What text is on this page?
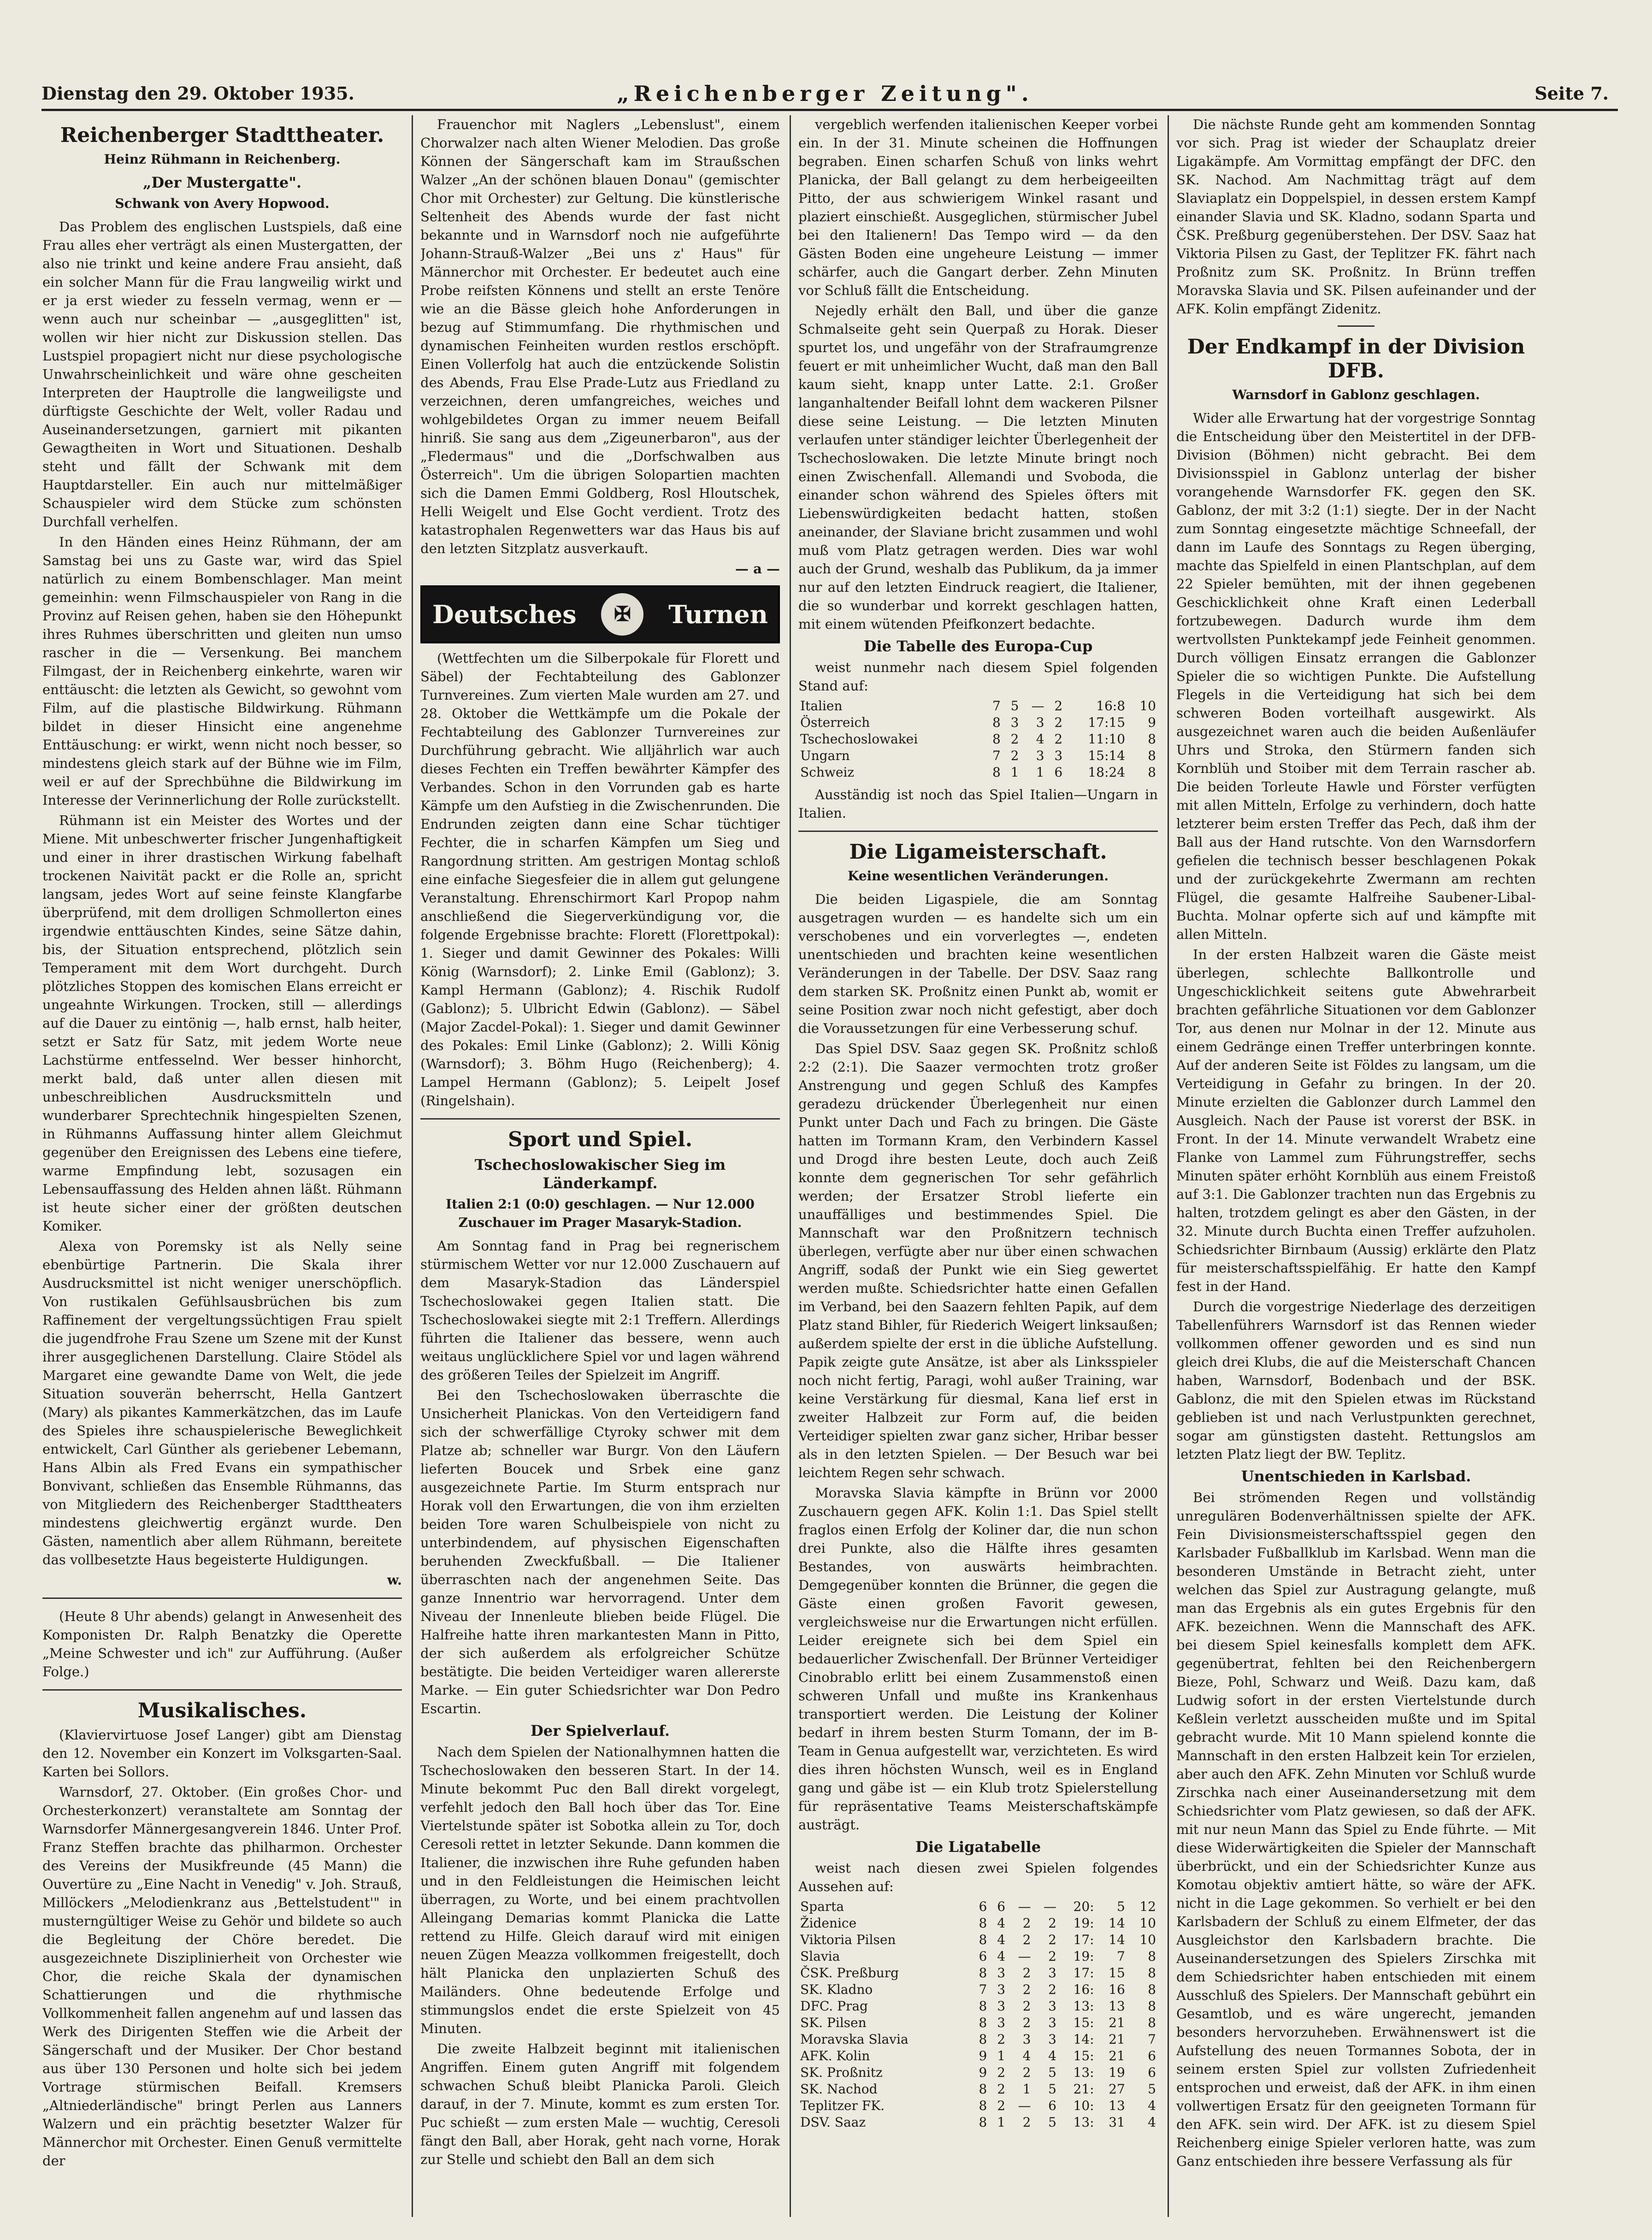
Dienstag den 29. Oktober 1935.	„Reichenberger Zeitung".	Seite 7.
Reichenberger Stadttheater.
Heinz Rühmann in Reichenberg.
„Der Mustergatte".
Schwank von Avery Hopwood.

Das Problem des englischen Lustspiels, daß eine Frau alles eher verträgt als einen Mustergatten, der also nie trinkt und keine andere Frau ansieht, daß ein solcher Mann für die Frau langweilig wirkt und er ja erst wieder zu fesseln vermag, wenn er — wenn auch nur scheinbar — „ausgeglitten" ist, wollen wir hier nicht zur Diskussion stellen. Das Lustspiel propagiert nicht nur diese psychologische Unwahrscheinlichkeit und wäre ohne gescheiten Interpreten der Hauptrolle die langweiligste und dürftigste Geschichte der Welt, voller Radau und Auseinandersetzungen, garniert mit pikanten Gewagtheiten in Wort und Situationen. Deshalb steht und fällt der Schwank mit dem Hauptdarsteller. Ein auch nur mittelmäßiger Schauspieler wird dem Stücke zum schönsten Durchfall verhelfen.

In den Händen eines Heinz Rühmann, der am Samstag bei uns zu Gaste war, wird das Spiel natürlich zu einem Bombenschlager. Man meint gemeinhin: wenn Filmschauspieler von Rang in die Provinz auf Reisen gehen, haben sie den Höhepunkt ihres Ruhmes überschritten und gleiten nun umso rascher in die — Versenkung. Bei manchem Filmgast, der in Reichenberg einkehrte, waren wir enttäuscht: die letzten als Gewicht, so gewohnt vom Film, auf die plastische Bildwirkung. Rühmann bildet in dieser Hinsicht eine angenehme Enttäuschung: er wirkt, wenn nicht noch besser, so mindestens gleich stark auf der Bühne wie im Film, weil er auf der Sprechbühne die Bildwirkung im Interesse der Verinnerlichung der Rolle zurückstellt.

Rühmann ist ein Meister des Wortes und der Miene. Mit unbeschwerter frischer Jungenhaftigkeit und einer in ihrer drastischen Wirkung fabelhaft trockenen Naivität packt er die Rolle an, spricht langsam, jedes Wort auf seine feinste Klangfarbe überprüfend, mit dem drolligen Schmollerton eines irgendwie enttäuschten Kindes, seine Sätze dahin, bis, der Situation entsprechend, plötzlich sein Temperament mit dem Wort durchgeht. Durch plötzliches Stoppen des komischen Elans erreicht er ungeahnte Wirkungen. Trocken, still — allerdings auf die Dauer zu eintönig —, halb ernst, halb heiter, setzt er Satz für Satz, mit jedem Worte neue Lachstürme entfesselnd. Wer besser hinhorcht, merkt bald, daß unter allen diesen mit unbeschreiblichen Ausdrucksmitteln und wunderbarer Sprechtechnik hingespielten Szenen, in Rühmanns Auffassung hinter allem Gleichmut gegenüber den Ereignissen des Lebens eine tiefere, warme Empfindung lebt, sozusagen ein Lebensauffassung des Helden ahnen läßt. Rühmann ist heute sicher einer der größten deutschen Komiker.

Alexa von Poremsky ist als Nelly seine ebenbürtige Partnerin. Die Skala ihrer Ausdrucksmittel ist nicht weniger unerschöpflich. Von rustikalen Gefühlsausbrüchen bis zum Raffinement der vergeltungssüchtigen Frau spielt die jugendfrohe Frau Szene um Szene mit der Kunst ihrer ausgeglichenen Darstellung. Claire Stödel als Margaret eine gewandte Dame von Welt, die jede Situation souverän beherrscht, Hella Gantzert (Mary) als pikantes Kammerkätzchen, das im Laufe des Spieles ihre schauspielerische Beweglichkeit entwickelt, Carl Günther als geriebener Lebemann, Hans Albin als Fred Evans ein sympathischer Bonvivant, schließen das Ensemble Rühmanns, das von Mitgliedern des Reichenberger Stadttheaters mindestens gleichwertig ergänzt wurde. Den Gästen, namentlich aber allem Rühmann, bereitete das vollbesetzte Haus begeisterte Huldigungen.

w.

(Heute 8 Uhr abends) gelangt in Anwesenheit des Komponisten Dr. Ralph Benatzky die Operette „Meine Schwester und ich" zur Aufführung. (Außer Folge.)

Musikalisches.

(Klaviervirtuose Josef Langer) gibt am Dienstag den 12. November ein Konzert im Volksgarten-Saal. Karten bei Sollors.

Warnsdorf, 27. Oktober. (Ein großes Chor- und Orchesterkonzert) veranstaltete am Sonntag der Warnsdorfer Männergesangverein 1846. Unter Prof. Franz Steffen brachte das philharmon. Orchester des Vereins der Musikfreunde (45 Mann) die Ouvertüre zu „Eine Nacht in Venedig" v. Joh. Strauß, Millöckers „Melodienkranz aus ‚Bettelstudent'" in musterngültiger Weise zu Gehör und bildete so auch die Begleitung der Chöre beredet. Die ausgezeichnete Disziplinierheit von Orchester wie Chor, die reiche Skala der dynamischen Schattierungen und die rhythmische Vollkommenheit fallen angenehm auf und lassen das Werk des Dirigenten Steffen wie die Arbeit der Sängerschaft und der Musiker. Der Chor bestand aus über 130 Personen und holte sich bei jedem Vortrage stürmischen Beifall. Kremsers „Altniederländische" bringt Perlen aus Lanners Walzern und ein prächtig besetzter Walzer für Männerchor mit Orchester. Einen Genuß vermittelte der

Frauenchor mit Naglers „Lebenslust", einem Chorwalzer nach alten Wiener Melodien. Das große Können der Sängerschaft kam im Straußschen Walzer „An der schönen blauen Donau" (gemischter Chor mit Orchester) zur Geltung. Die künstlerische Seltenheit des Abends wurde der fast nicht bekannte und in Warnsdorf noch nie aufgeführte Johann-Strauß-Walzer „Bei uns z' Haus" für Männerchor mit Orchester. Er bedeutet auch eine Probe reifsten Könnens und stellt an erste Tenöre wie an die Bässe gleich hohe Anforderungen in bezug auf Stimmumfang. Die rhythmischen und dynamischen Feinheiten wurden restlos erschöpft. Einen Vollerfolg hat auch die entzückende Solistin des Abends, Frau Else Prade-Lutz aus Friedland zu verzeichnen, deren umfangreiches, weiches und wohlgebildetes Organ zu immer neuem Beifall hinriß. Sie sang aus dem „Zigeunerbaron", aus der „Fledermaus" und die „Dorfschwalben aus Österreich". Um die übrigen Solopartien machten sich die Damen Emmi Goldberg, Rosl Hloutschek, Helli Weigelt und Else Gocht verdient. Trotz des katastrophalen Regenwetters war das Haus bis auf den letzten Sitzplatz ausverkauft.

— a —
Deutsches	✠	Turnen

(Wettfechten um die Silberpokale für Florett und Säbel) der Fechtabteilung des Gablonzer Turnvereines. Zum vierten Male wurden am 27. und 28. Oktober die Wettkämpfe um die Pokale der Fechtabteilung des Gablonzer Turnvereines zur Durchführung gebracht. Wie alljährlich war auch dieses Fechten ein Treffen bewährter Kämpfer des Verbandes. Schon in den Vorrunden gab es harte Kämpfe um den Aufstieg in die Zwischenrunden. Die Endrunden zeigten dann eine Schar tüchtiger Fechter, die in scharfen Kämpfen um Sieg und Rangordnung stritten. Am gestrigen Montag schloß eine einfache Siegesfeier die in allem gut gelungene Veranstaltung. Ehrenschirmort Karl Propop nahm anschließend die Siegerverkündigung vor, die folgende Ergebnisse brachte: Florett (Florettpokal): 1. Sieger und damit Gewinner des Pokales: Willi König (Warnsdorf); 2. Linke Emil (Gablonz); 3. Kampl Hermann (Gablonz); 4. Rischik Rudolf (Gablonz); 5. Ulbricht Edwin (Gablonz). — Säbel (Major Zacdel-Pokal): 1. Sieger und damit Gewinner des Pokales: Emil Linke (Gablonz); 2. Willi König (Warnsdorf); 3. Böhm Hugo (Reichenberg); 4. Lampel Hermann (Gablonz); 5. Leipelt Josef (Ringelshain).

Sport und Spiel.
Tschechoslowakischer Sieg im Länderkampf.
Italien 2:1 (0:0) geschlagen. — Nur 12.000 Zuschauer im Prager Masaryk-Stadion.

Am Sonntag fand in Prag bei regnerischem stürmischem Wetter vor nur 12.000 Zuschauern auf dem Masaryk-Stadion das Länderspiel Tschechoslowakei gegen Italien statt. Die Tschechoslowakei siegte mit 2:1 Treffern. Allerdings führten die Italiener das bessere, wenn auch weitaus unglücklichere Spiel vor und lagen während des größeren Teiles der Spielzeit im Angriff.

Bei den Tschechoslowaken überraschte die Unsicherheit Planickas. Von den Verteidigern fand sich der schwerfällige Ctyroky schwer mit dem Platze ab; schneller war Burgr. Von den Läufern lieferten Boucek und Srbek eine ganz ausgezeichnete Partie. Im Sturm entsprach nur Horak voll den Erwartungen, die von ihm erzielten beiden Tore waren Schulbeispiele von nicht zu unterbindendem, auf physischen Eigenschaften beruhenden Zweckfußball. — Die Italiener überraschten nach der angenehmen Seite. Das ganze Innentrio war hervorragend. Unter dem Niveau der Innenleute blieben beide Flügel. Die Halfreihe hatte ihren markantesten Mann in Pitto, der sich außerdem als erfolgreicher Schütze bestätigte. Die beiden Verteidiger waren allererste Marke. — Ein guter Schiedsrichter war Don Pedro Escartin.

Der Spielverlauf.

Nach dem Spielen der Nationalhymnen hatten die Tschechoslowaken den besseren Start. In der 14. Minute bekommt Puc den Ball direkt vorgelegt, verfehlt jedoch den Ball hoch über das Tor. Eine Viertelstunde später ist Sobotka allein zu Tor, doch Ceresoli rettet in letzter Sekunde. Dann kommen die Italiener, die inzwischen ihre Ruhe gefunden haben und in den Feldleistungen die Heimischen leicht überragen, zu Worte, und bei einem prachtvollen Alleingang Demarias kommt Planicka die Latte rettend zu Hilfe. Gleich darauf wird mit einigen neuen Zügen Meazza vollkommen freigestellt, doch hält Planicka den unplazierten Schuß des Mailänders. Ohne bedeutende Erfolge und stimmungslos endet die erste Spielzeit von 45 Minuten.

Die zweite Halbzeit beginnt mit italienischen Angriffen. Einem guten Angriff mit folgendem schwachen Schuß bleibt Planicka Paroli. Gleich darauf, in der 7. Minute, kommt es zum ersten Tor. Puc schießt — zum ersten Male — wuchtig, Ceresoli fängt den Ball, aber Horak, geht nach vorne, Horak zur Stelle und schiebt den Ball an dem sich

vergeblich werfenden italienischen Keeper vorbei ein. In der 31. Minute scheinen die Hoffnungen begraben. Einen scharfen Schuß von links wehrt Planicka, der Ball gelangt zu dem herbeigeeilten Pitto, der aus schwierigem Winkel rasant und plaziert einschießt. Ausgeglichen, stürmischer Jubel bei den Italienern! Das Tempo wird — da den Gästen Boden eine ungeheure Leistung — immer schärfer, auch die Gangart derber. Zehn Minuten vor Schluß fällt die Entscheidung.

Nejedly erhält den Ball, und über die ganze Schmalseite geht sein Querpaß zu Horak. Dieser spurtet los, und ungefähr von der Strafraumgrenze feuert er mit unheimlicher Wucht, daß man den Ball kaum sieht, knapp unter Latte. 2:1. Großer langanhaltender Beifall lohnt dem wackeren Pilsner diese seine Leistung. — Die letzten Minuten verlaufen unter ständiger leichter Überlegenheit der Tschechoslowaken. Die letzte Minute bringt noch einen Zwischenfall. Allemandi und Svoboda, die einander schon während des Spieles öfters mit Liebenswürdigkeiten bedacht hatten, stoßen aneinander, der Slaviane bricht zusammen und wohl muß vom Platz getragen werden. Dies war wohl auch der Grund, weshalb das Publikum, da ja immer nur auf den letzten Eindruck reagiert, die Italiener, die so wunderbar und korrekt geschlagen hatten, mit einem wütenden Pfeifkonzert bedachte.

Die Tabelle des Europa-Cup

weist nunmehr nach diesem Spiel folgenden Stand auf:

Italien	7	5	—	2	16:8	10
Österreich	8	3	3	2	17:15	9
Tschechoslowakei	8	2	4	2	11:10	8
Ungarn	7	2	3	3	15:14	8
Schweiz	8	1	1	6	18:24	8

Ausständig ist noch das Spiel Italien—Ungarn in Italien.

Die Ligameisterschaft.
Keine wesentlichen Veränderungen.

Die beiden Ligaspiele, die am Sonntag ausgetragen wurden — es handelte sich um ein verschobenes und ein vorverlegtes —, endeten unentschieden und brachten keine wesentlichen Veränderungen in der Tabelle. Der DSV. Saaz rang dem starken SK. Proßnitz einen Punkt ab, womit er seine Position zwar noch nicht gefestigt, aber doch die Voraussetzungen für eine Verbesserung schuf.

Das Spiel DSV. Saaz gegen SK. Proßnitz schloß 2:2 (2:1). Die Saazer vermochten trotz großer Anstrengung und gegen Schluß des Kampfes geradezu drückender Überlegenheit nur einen Punkt unter Dach und Fach zu bringen. Die Gäste hatten im Tormann Kram, den Verbindern Kassel und Drogd ihre besten Leute, doch auch Zeiß konnte dem gegnerischen Tor sehr gefährlich werden; der Ersatzer Strobl lieferte ein unauffälliges und bestimmendes Spiel. Die Mannschaft war den Proßnitzern technisch überlegen, verfügte aber nur über einen schwachen Angriff, sodaß der Punkt wie ein Sieg gewertet werden mußte. Schiedsrichter hatte einen Gefallen im Verband, bei den Saazern fehlten Papik, auf dem Platz stand Bihler, für Riederich Weigert linksaußen; außerdem spielte der erst in die übliche Aufstellung. Papik zeigte gute Ansätze, ist aber als Linksspieler noch nicht fertig, Paragi, wohl außer Training, war keine Verstärkung für diesmal, Kana lief erst in zweiter Halbzeit zur Form auf, die beiden Verteidiger spielten zwar ganz sicher, Hribar besser als in den letzten Spielen. — Der Besuch war bei leichtem Regen sehr schwach.

Moravska Slavia kämpfte in Brünn vor 2000 Zuschauern gegen AFK. Kolin 1:1. Das Spiel stellt fraglos einen Erfolg der Koliner dar, die nun schon drei Punkte, also die Hälfte ihres gesamten Bestandes, von auswärts heimbrachten. Demgegenüber konnten die Brünner, die gegen die Gäste einen großen Favorit gewesen, vergleichsweise nur die Erwartungen nicht erfüllen. Leider ereignete sich bei dem Spiel ein bedauerlicher Zwischenfall. Der Brünner Verteidiger Cinobrablo erlitt bei einem Zusammenstoß einen schweren Unfall und mußte ins Krankenhaus transportiert werden. Die Leistung der Koliner bedarf in ihrem besten Sturm Tomann, der im B-Team in Genua aufgestellt war, verzichteten. Es wird dies ihren höchsten Wunsch, weil es in England gang und gäbe ist — ein Klub trotz Spielerstellung für repräsentative Teams Meisterschaftskämpfe austrägt.

Die Ligatabelle

weist nach diesen zwei Spielen folgendes Aussehen auf:

Sparta	6	6	—	—	20:	5	12
Židenice	8	4	2	2	19:	14	10
Viktoria Pilsen	8	4	2	2	17:	14	10
Slavia	6	4	—	2	19:	7	8
ČSK. Preßburg	8	3	2	3	17:	15	8
SK. Kladno	7	3	2	2	16:	16	8
DFC. Prag	8	3	2	3	13:	13	8
SK. Pilsen	8	3	2	3	15:	21	8
Moravska Slavia	8	2	3	3	14:	21	7
AFK. Kolin	9	1	4	4	15:	21	6
SK. Proßnitz	9	2	2	5	13:	19	6
SK. Nachod	8	2	1	5	21:	27	5
Teplitzer FK.	8	2	—	6	10:	13	4
DSV. Saaz	8	1	2	5	13:	31	4

Die nächste Runde geht am kommenden Sonntag vor sich. Prag ist wieder der Schauplatz dreier Ligakämpfe. Am Vormittag empfängt der DFC. den SK. Nachod. Am Nachmittag trägt auf dem Slaviaplatz ein Doppelspiel, in dessen erstem Kampf einander Slavia und SK. Kladno, sodann Sparta und ČSK. Preßburg gegenüberstehen. Der DSV. Saaz hat Viktoria Pilsen zu Gast, der Teplitzer FK. fährt nach Proßnitz zum SK. Proßnitz. In Brünn treffen Moravska Slavia und SK. Pilsen aufeinander und der AFK. Kolin empfängt Zidenitz.

Der Endkampf in der Division DFB.
Warnsdorf in Gablonz geschlagen.

Wider alle Erwartung hat der vorgestrige Sonntag die Entscheidung über den Meistertitel in der DFB-Division (Böhmen) nicht gebracht. Bei dem Divisionsspiel in Gablonz unterlag der bisher vorangehende Warnsdorfer FK. gegen den SK. Gablonz, der mit 3:2 (1:1) siegte. Der in der Nacht zum Sonntag eingesetzte mächtige Schneefall, der dann im Laufe des Sonntags zu Regen überging, machte das Spielfeld in einen Plantschplan, auf dem 22 Spieler bemühten, mit der ihnen gegebenen Geschicklichkeit ohne Kraft einen Lederball fortzubewegen. Dadurch wurde ihm dem wertvollsten Punktekampf jede Feinheit genommen. Durch völligen Einsatz errangen die Gablonzer Spieler die so wichtigen Punkte. Die Aufstellung Flegels in die Verteidigung hat sich bei dem schweren Boden vorteilhaft ausgewirkt. Als ausgezeichnet waren auch die beiden Außenläufer Uhrs und Stroka, den Stürmern fanden sich Kornblüh und Stoiber mit dem Terrain rascher ab. Die beiden Torleute Hawle und Förster verfügten mit allen Mitteln, Erfolge zu verhindern, doch hatte letzterer beim ersten Treffer das Pech, daß ihm der Ball aus der Hand rutschte. Von den Warnsdorfern gefielen die technisch besser beschlagenen Pokak und der zurückgekehrte Zwermann am rechten Flügel, die gesamte Halfreihe Saubener-Libal-Buchta. Molnar opferte sich auf und kämpfte mit allen Mitteln.

In der ersten Halbzeit waren die Gäste meist überlegen, schlechte Ballkontrolle und Ungeschicklichkeit seitens gute Abwehrarbeit brachten gefährliche Situationen vor dem Gablonzer Tor, aus denen nur Molnar in der 12. Minute aus einem Gedränge einen Treffer unterbringen konnte. Auf der anderen Seite ist Földes zu langsam, um die Verteidigung in Gefahr zu bringen. In der 20. Minute erzielten die Gablonzer durch Lammel den Ausgleich. Nach der Pause ist vorerst der BSK. in Front. In der 14. Minute verwandelt Wrabetz eine Flanke von Lammel zum Führungstreffer, sechs Minuten später erhöht Kornblüh aus einem Freistoß auf 3:1. Die Gablonzer trachten nun das Ergebnis zu halten, trotzdem gelingt es aber den Gästen, in der 32. Minute durch Buchta einen Treffer aufzuholen. Schiedsrichter Birnbaum (Aussig) erklärte den Platz für meisterschaftsspielfähig. Er hatte den Kampf fest in der Hand.

Durch die vorgestrige Niederlage des derzeitigen Tabellenführers Warnsdorf ist das Rennen wieder vollkommen offener geworden und es sind nun gleich drei Klubs, die auf die Meisterschaft Chancen haben, Warnsdorf, Bodenbach und der BSK. Gablonz, die mit den Spielen etwas im Rückstand geblieben ist und nach Verlustpunkten gerechnet, sogar am günstigsten dasteht. Rettungslos am letzten Platz liegt der BW. Teplitz.

Unentschieden in Karlsbad.

Bei strömenden Regen und vollständig unregulären Bodenverhältnissen spielte der AFK. Fein Divisionsmeisterschaftsspiel gegen den Karlsbader Fußballklub im Karlsbad. Wenn man die besonderen Umstände in Betracht zieht, unter welchen das Spiel zur Austragung gelangte, muß man das Ergebnis als ein gutes Ergebnis für den AFK. bezeichnen. Wenn die Mannschaft des AFK. bei diesem Spiel keinesfalls komplett dem AFK. gegenübertrat, fehlten bei den Reichenbergern Bieze, Pohl, Schwarz und Weiß. Dazu kam, daß Ludwig sofort in der ersten Viertelstunde durch Keßlein verletzt ausscheiden mußte und im Spital gebracht wurde. Mit 10 Mann spielend konnte die Mannschaft in den ersten Halbzeit kein Tor erzielen, aber auch den AFK. Zehn Minuten vor Schluß wurde Zirschka nach einer Auseinandersetzung mit dem Schiedsrichter vom Platz gewiesen, so daß der AFK. mit nur neun Mann das Spiel zu Ende führte. — Mit diese Widerwärtigkeiten die Spieler der Mannschaft überbrückt, und ein der Schiedsrichter Kunze aus Komotau objektiv amtiert hätte, so wäre der AFK. nicht in die Lage gekommen. So verhielt er bei den Karlsbadern der Schluß zu einem Elfmeter, der das Ausgleichstor den Karlsbadern brachte. Die Auseinandersetzungen des Spielers Zirschka mit dem Schiedsrichter haben entschieden mit einem Ausschluß des Spielers. Der Mannschaft gebührt ein Gesamtlob, und es wäre ungerecht, jemanden besonders hervorzuheben. Erwähnenswert ist die Aufstellung des neuen Tormannes Sobota, der in seinem ersten Spiel zur vollsten Zufriedenheit entsprochen und erweist, daß der AFK. in ihm einen vollwertigen Ersatz für den geeigneten Tormann für den AFK. sein wird. Der AFK. ist zu diesem Spiel Reichenberg einige Spieler verloren hatte, was zum Ganz entschieden ihre bessere Verfassung als für
